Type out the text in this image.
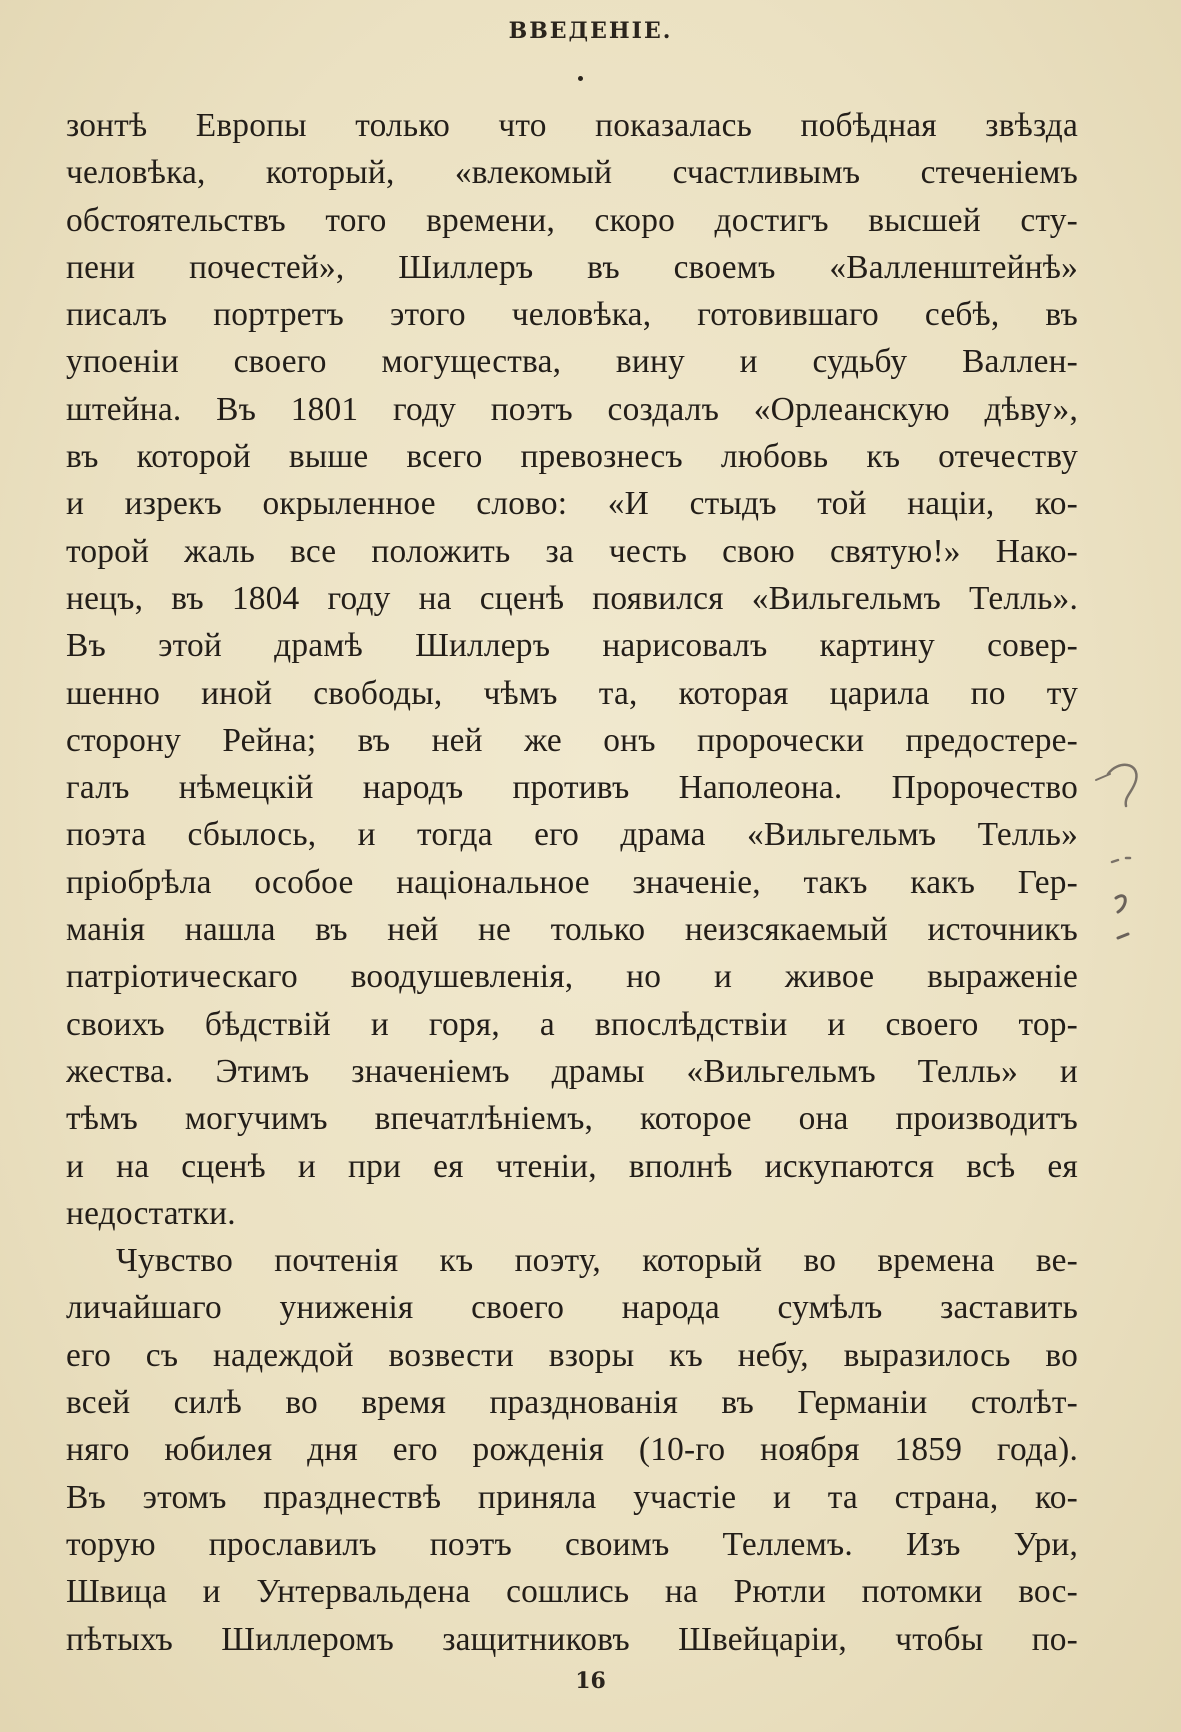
ВВЕДЕНIЕ.
зонтѣ Европы только что показалась побѣдная звѣзда
человѣка, который, «влекомый счастливымъ стеченiемъ
обстоятельствъ того времени, скоро достигъ высшей сту-
пени почестей», Шиллеръ въ своемъ «Валленштейнѣ»
писалъ портретъ этого человѣка, готовившаго себѣ, въ
упоенiи своего могущества, вину и судьбу Валлен-
штейна. Въ 1801 году поэтъ создалъ «Орлеанскую дѣву»,
въ которой выше всего превознесъ любовь къ отечеству
и изрекъ окрыленное слово: «И стыдъ той нацiи, ко-
торой жаль все положить за честь свою святую!» Нако-
нецъ, въ 1804 году на сценѣ появился «Вильгельмъ Телль».
Въ этой драмѣ Шиллеръ нарисовалъ картину совер-
шенно иной свободы, чѣмъ та, которая царила по ту
сторону Рейна; въ ней же онъ пророчески предостере-
галъ нѣмецкiй народъ противъ Наполеона. Пророчество
поэта сбылось, и тогда его драма «Вильгельмъ Телль»
прiобрѣла особое нацiональное значенiе, такъ какъ Гер-
манiя нашла въ ней не только неизсякаемый источникъ
патрiотическаго воодушевленiя, но и живое выраженiе
своихъ бѣдствiй и горя, а впослѣдствiи и своего тор-
жества. Этимъ значенiемъ драмы «Вильгельмъ Телль» и
тѣмъ могучимъ впечатлѣнiемъ, которое она производитъ
и на сценѣ и при ея чтенiи, вполнѣ искупаются всѣ ея
недостатки.
Чувство почтенiя къ поэту, который во времена ве-
личайшаго униженiя своего народа сумѣлъ заставить
его съ надеждой возвести взоры къ небу, выразилось во
всей силѣ во время празднованiя въ Германiи столѣт-
няго юбилея дня его рожденiя (10-го ноября 1859 года).
Въ этомъ празднествѣ приняла участiе и та страна, ко-
торую прославилъ поэтъ своимъ Теллемъ. Изъ Ури,
Швица и Унтервальдена сошлись на Рютли потомки вос-
пѣтыхъ Шиллеромъ защитниковъ Швейцарiи, чтобы по-
16
